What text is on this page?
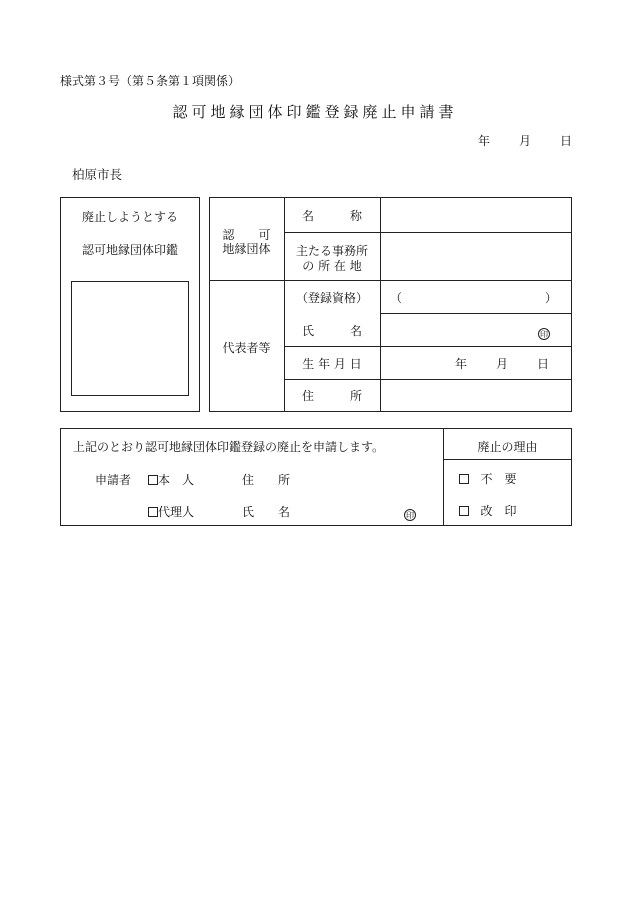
様式第３号（第５条第１項関係）
認可地縁団体印鑑登録廃止申請書
年 月 日
柏原市長
廃止しようとする
認可地縁団体印鑑
認　　可
地縁団体
名　　　称
主たる事務所
の 所 在 地
代表者等
（登録資格）	（	）
氏　　　名	印
生 年 月 日	年 月 日
住　　　所
上記のとおり認可地縁団体印鑑登録の廃止を申請します。
申請者	本　人	住　　所
代理人	氏　　名	印
廃止の理由
不　要
改　印
